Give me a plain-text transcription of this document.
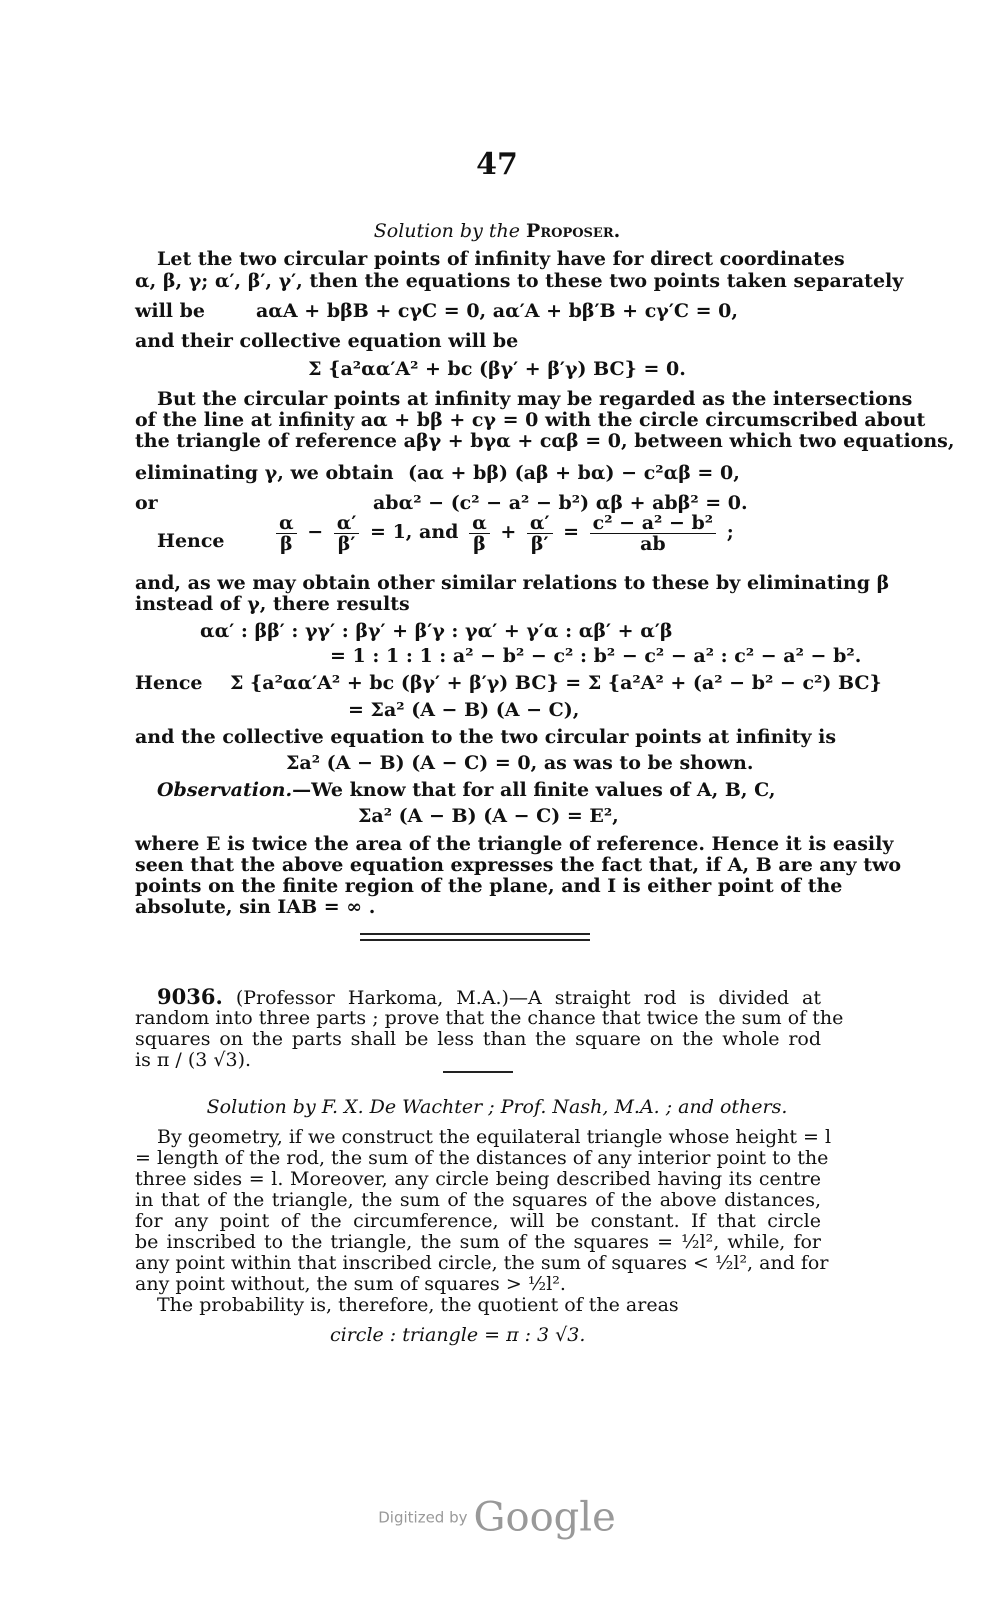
47
Solution by the Proposer.
Let the two circular points of infinity have for direct coordinates
α, β, γ; α′, β′, γ′, then the equations to these two points taken separately
will be	aαA + bβB + cγC = 0, aα′A + bβ′B + cγ′C = 0,
and their collective equation will be
Σ {a²αα′A² + bc (βγ′ + β′γ) BC} = 0.
But the circular points at infinity may be regarded as the intersections
of the line at infinity aα + bβ + cγ = 0 with the circle circumscribed about
the triangle of reference aβγ + bγα + cαβ = 0, between which two equations,
eliminating γ, we obtain (aα + bβ) (aβ + bα) − c²αβ = 0,
or	abα² − (c² − a² − b²) αβ + abβ² = 0.
Hence	$\frac{\alpha}{\beta} - \frac{\alpha'}{\beta'} = 1$, and $\frac{\alpha}{\beta} + \frac{\alpha'}{\beta'} = \frac{\text{c² − a² − b²}}{ab}$ ;
and, as we may obtain other similar relations to these by eliminating β
instead of γ, there results
αα′ : ββ′ : γγ′ : βγ′ + β′γ : γα′ + γ′α : αβ′ + α′β
= 1 : 1 : 1 : a² − b² − c² : b² − c² − a² : c² − a² − b².
Hence Σ {a²αα′A² + bc (βγ′ + β′γ) BC} = Σ {a²A² + (a² − b² − c²) BC}
= Σa² (A − B) (A − C),
and the collective equation to the two circular points at infinity is
Σa² (A − B) (A − C) = 0, as was to be shown.
Observation.—We know that for all finite values of A, B, C,
Σa² (A − B) (A − C) = E²,
where E is twice the area of the triangle of reference. Hence it is easily
seen that the above equation expresses the fact that, if A, B are any two
points on the finite region of the plane, and I is either point of the
absolute, sin IAB = ∞ .
9036. (Professor Harkoma, M.A.)—A straight rod is divided at
random into three parts ; prove that the chance that twice the sum of the
squares on the parts shall be less than the square on the whole rod
is π / (3 √3).
Solution by F. X. De Wachter ; Prof. Nash, M.A. ; and others.
By geometry, if we construct the equilateral triangle whose height = l
= length of the rod, the sum of the distances of any interior point to the
three sides = l. Moreover, any circle being described having its centre
in that of the triangle, the sum of the squares of the above distances,
for any point of the circumference, will be constant. If that circle
be inscribed to the triangle, the sum of the squares = ½l², while, for
any point within that inscribed circle, the sum of squares < ½l², and for
any point without, the sum of squares > ½l².
The probability is, therefore, the quotient of the areas
circle : triangle = π : 3 √3.
Digitized by Google
